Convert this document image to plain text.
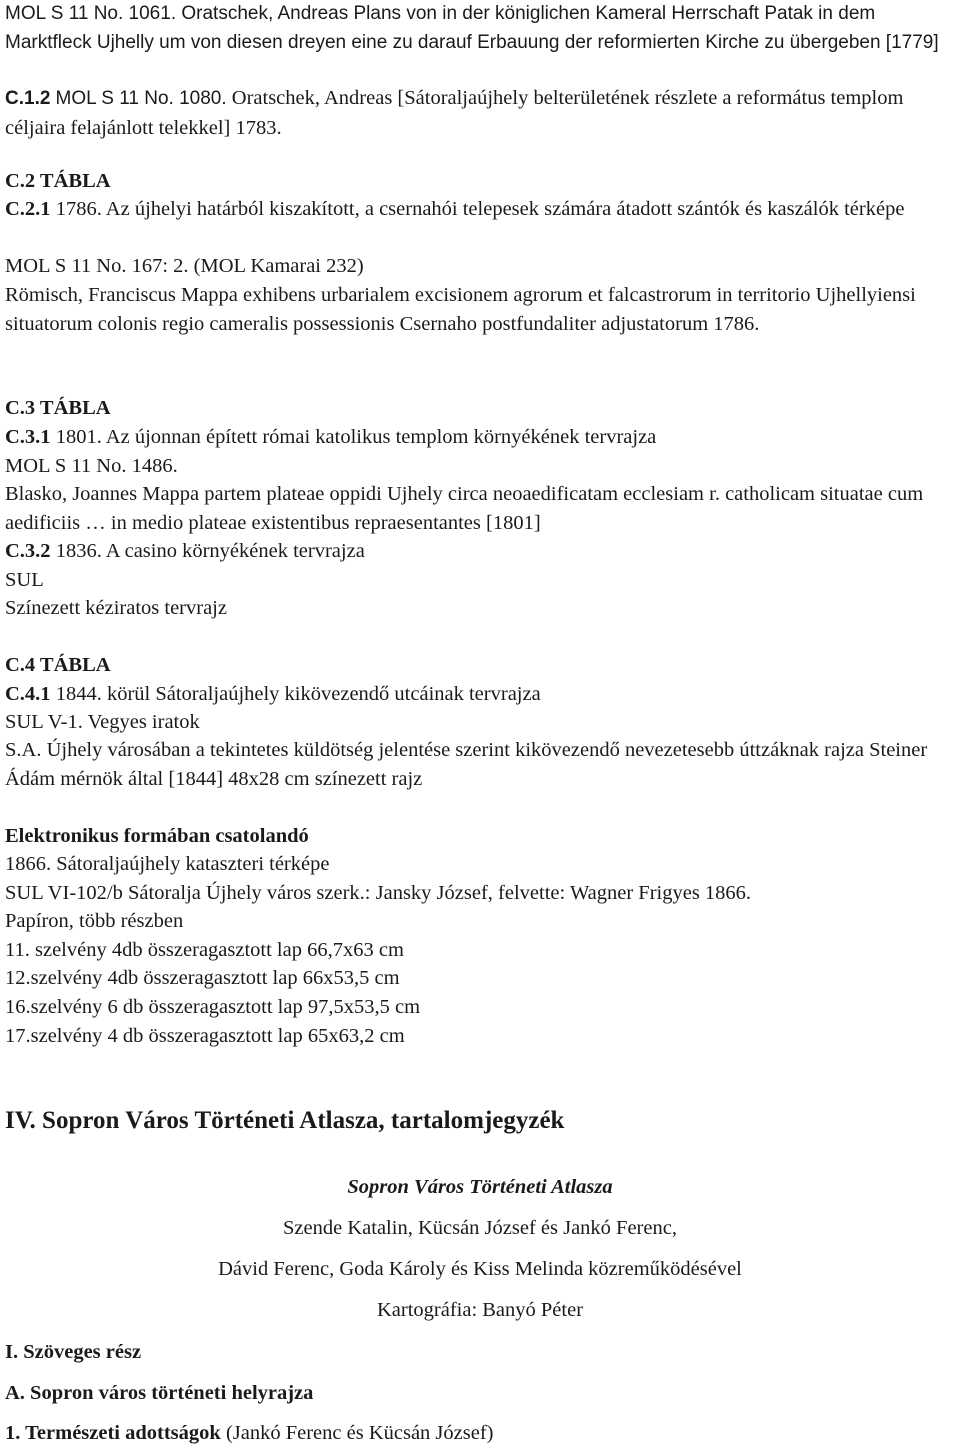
MOL S 11 No. 1061. Oratschek, Andreas Plans von in der königlichen Kameral Herrschaft Patak in dem Marktfleck Ujhelly um von diesen dreyen eine zu darauf Erbauung der reformierten Kirche zu übergeben [1779]

C.1.2 MOL S 11 No. 1080. Oratschek, Andreas [Sátoraljaújhely belterületének részlete a református templom céljaira felajánlott telekkel] 1783.

C.2 TÁBLA

C.2.1 1786. Az újhelyi határból kiszakított, a csernahói telepesek számára átadott szántók és kaszálók térképe

MOL S 11 No. 167: 2. (MOL Kamarai 232)

Römisch, Franciscus Mappa exhibens urbarialem excisionem agrorum et falcastrorum in territorio Ujhellyiensi situatorum colonis regio cameralis possessionis Csernaho postfundaliter adjustatorum 1786.

C.3 TÁBLA

C.3.1 1801. Az újonnan épített római katolikus templom környékének tervrajza

MOL S 11 No. 1486.

Blasko, Joannes Mappa partem plateae oppidi Ujhely circa neoaedificatam ecclesiam r. catholicam situatae cum aedificiis … in medio plateae existentibus repraesentantes [1801]

C.3.2 1836. A casino környékének tervrajza

SUL

Színezett kéziratos tervrajz

C.4 TÁBLA

C.4.1 1844. körül Sátoraljaújhely kikövezendő utcáinak tervrajza

SUL V-1. Vegyes iratok

S.A. Újhely városában a tekintetes küldötség jelentése szerint kikövezendő nevezetesebb úttzáknak rajza Steiner Ádám mérnök által [1844] 48x28 cm színezett rajz

Elektronikus formában csatolandó

1866. Sátoraljaújhely kataszteri térképe
SUL VI-102/b Sátoralja Újhely város szerk.: Jansky József, felvette: Wagner Frigyes 1866.
Papíron, több részben
11. szelvény 4db összeragasztott lap 66,7x63 cm
12.szelvény 4db összeragasztott lap 66x53,5 cm
16.szelvény 6 db összeragasztott lap 97,5x53,5 cm
17.szelvény 4 db összeragasztott lap 65x63,2 cm

IV. Sopron Város Történeti Atlasza, tartalomjegyzék

Sopron Város Történeti Atlasza

Szende Katalin, Kücsán József és Jankó Ferenc,

Dávid Ferenc, Goda Károly és Kiss Melinda közreműködésével

Kartográfia: Banyó Péter

I. Szöveges rész

A. Sopron város történeti helyrajza

1. Természeti adottságok (Jankó Ferenc és Kücsán József)
